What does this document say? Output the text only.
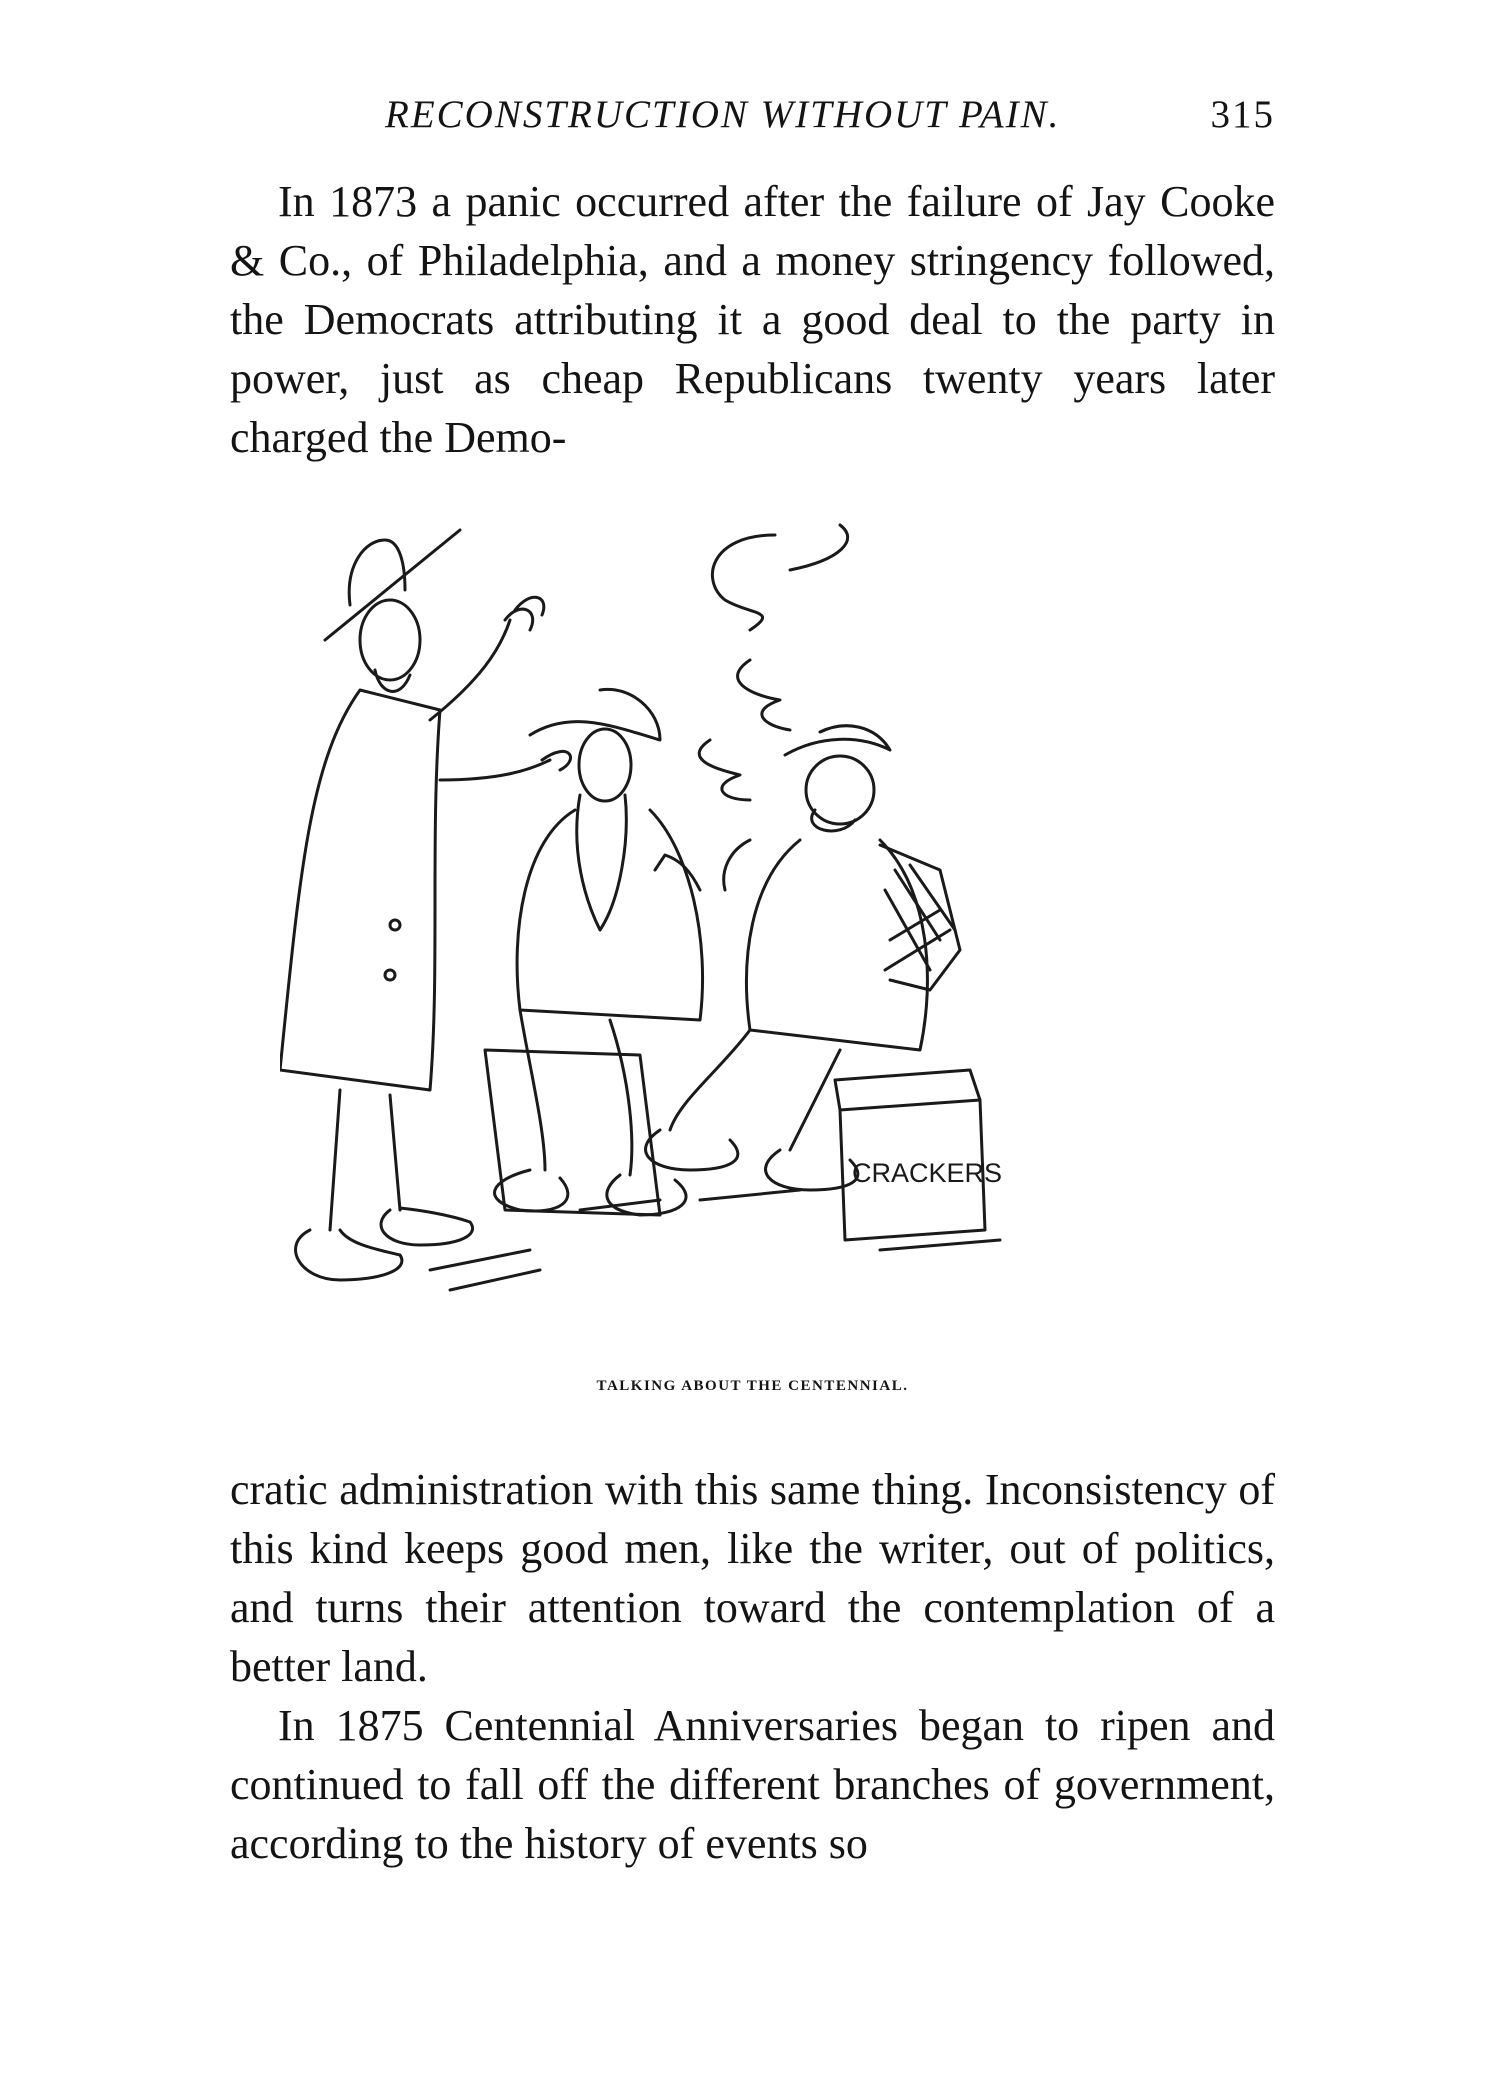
RECONSTRUCTION WITHOUT PAIN.	315

In 1873 a panic occurred after the failure of Jay Cooke & Co., of Philadelphia, and a money stringency followed, the Democrats attributing it a good deal to the party in power, just as cheap Republicans twenty years later charged the Demo-

CRACKERS
TALKING ABOUT THE CENTENNIAL.

cratic administration with this same thing. Inconsistency of this kind keeps good men, like the writer, out of politics, and turns their attention toward the contemplation of a better land.

In 1875 Centennial Anniversaries began to ripen and continued to fall off the different branches of government, according to the history of events so
